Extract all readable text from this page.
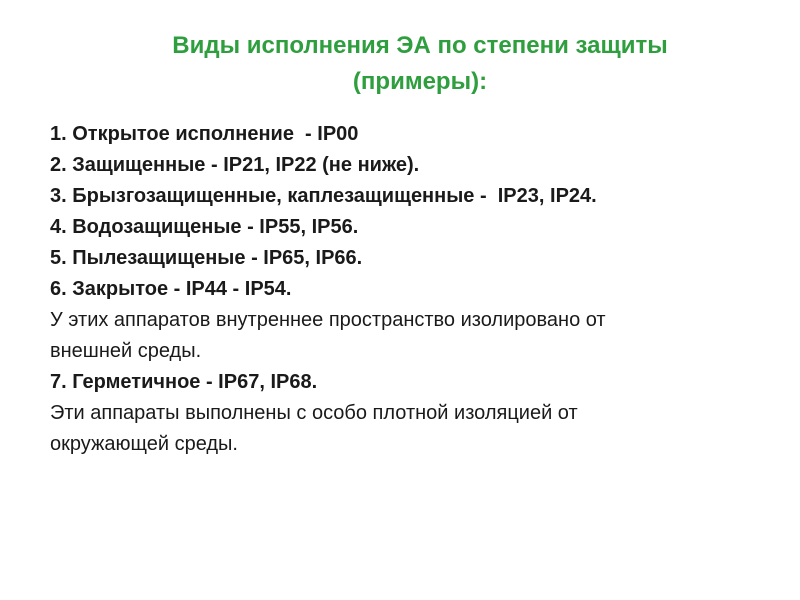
Виды исполнения ЭА по степени защиты
(примеры):
1. Открытое исполнение  - IP00
2. Защищенные - IP21, IP22 (не ниже).
3. Брызгозащищенные, каплезащищенные -  IP23, IP24.
4. Водозащищеные - IP55, IP56.
5. Пылезащищеные - IP65, IP66.
6. Закрытое - IP44 - IP54.
У этих аппаратов внутреннее пространство изолировано от
внешней среды.
7. Герметичное - IP67, IP68.
Эти аппараты выполнены с особо плотной изоляцией от
окружающей среды.
